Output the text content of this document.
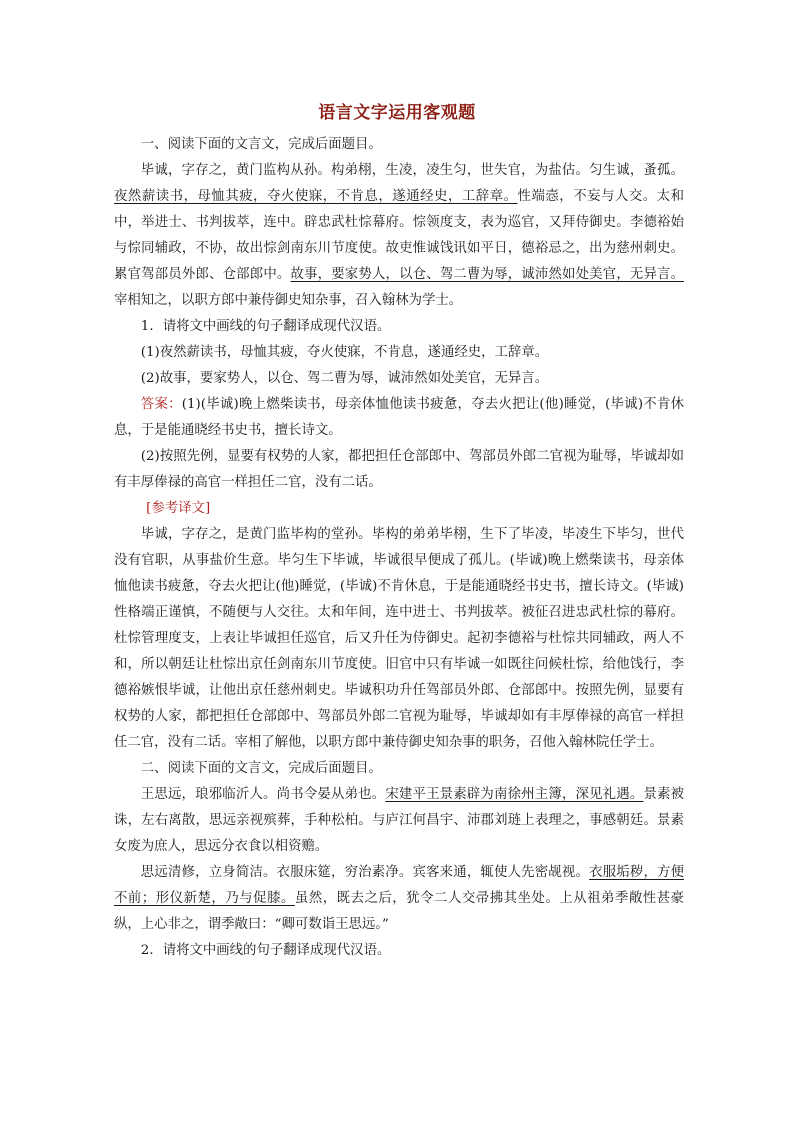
语言文字运用客观题

一、阅读下面的文言文，完成后面题目。

毕诚，字存之，黄门监构从孙。构弟栩，生凌，凌生匀，世失官，为盐估。匀生诚，蚤孤。夜然薪读书，母恤其疲，夺火使寐，不肯息，遂通经史，工辞章。性端悫，不妄与人交。太和中，举进士、书判拔萃，连中。辟忠武杜悰幕府。悰领度支，表为巡官，又拜侍御史。李德裕始与悰同辅政，不协，故出悰剑南东川节度使。故吏惟诚饯讯如平日，德裕忌之，出为慈州刺史。累官驾部员外郎、仓部郎中。故事，要家势人，以仓、驾二曹为辱，诚沛然如处美官，无异言。宰相知之，以职方郎中兼侍御史知杂事，召入翰林为学士。

1．请将文中画线的句子翻译成现代汉语。

(1)夜然薪读书，母恤其疲，夺火使寐，不肯息，遂通经史，工辞章。

(2)故事，要家势人，以仓、驾二曹为辱，诚沛然如处美官，无异言。

答案：(1)(毕诚)晚上燃柴读书，母亲体恤他读书疲惫，夺去火把让(他)睡觉，(毕诚)不肯休息，于是能通晓经书史书，擅长诗文。

(2)按照先例，显要有权势的人家，都把担任仓部郎中、驾部员外郎二官视为耻辱，毕诚却如有丰厚俸禄的高官一样担任二官，没有二话。

[参考译文]

毕诚，字存之，是黄门监毕构的堂孙。毕构的弟弟毕栩，生下了毕凌，毕凌生下毕匀，世代没有官职，从事盐价生意。毕匀生下毕诚，毕诚很早便成了孤儿。(毕诚)晚上燃柴读书，母亲体恤他读书疲惫，夺去火把让(他)睡觉，(毕诚)不肯休息，于是能通晓经书史书，擅长诗文。(毕诚)性格端正谨慎，不随便与人交往。太和年间，连中进士、书判拔萃。被征召进忠武杜悰的幕府。杜悰管理度支，上表让毕诚担任巡官，后又升任为侍御史。起初李德裕与杜悰共同辅政，两人不和，所以朝廷让杜悰出京任剑南东川节度使。旧官中只有毕诚一如既往问候杜悰，给他饯行，李德裕嫉恨毕诚，让他出京任慈州刺史。毕诚积功升任驾部员外郎、仓部郎中。按照先例，显要有权势的人家，都把担任仓部郎中、驾部员外郎二官视为耻辱，毕诚却如有丰厚俸禄的高官一样担任二官，没有二话。宰相了解他，以职方郎中兼侍御史知杂事的职务，召他入翰林院任学士。

二、阅读下面的文言文，完成后面题目。

王思远，琅邪临沂人。尚书令晏从弟也。宋建平王景素辟为南徐州主簿，深见礼遇。景素被诛，左右离散，思远亲视殡葬，手种松柏。与庐江何昌宇、沛郡刘琏上表理之，事感朝廷。景素女废为庶人，思远分衣食以相资赡。

思远清修，立身简洁。衣服床筵，穷治素净。宾客来通，辄使人先密觇视。衣服垢秽，方便不前；形仪新楚，乃与促膝。虽然，既去之后，犹令二人交帚拂其坐处。上从祖弟季敞性甚豪纵，上心非之，谓季敞曰：“卿可数诣王思远。”

2．请将文中画线的句子翻译成现代汉语。
